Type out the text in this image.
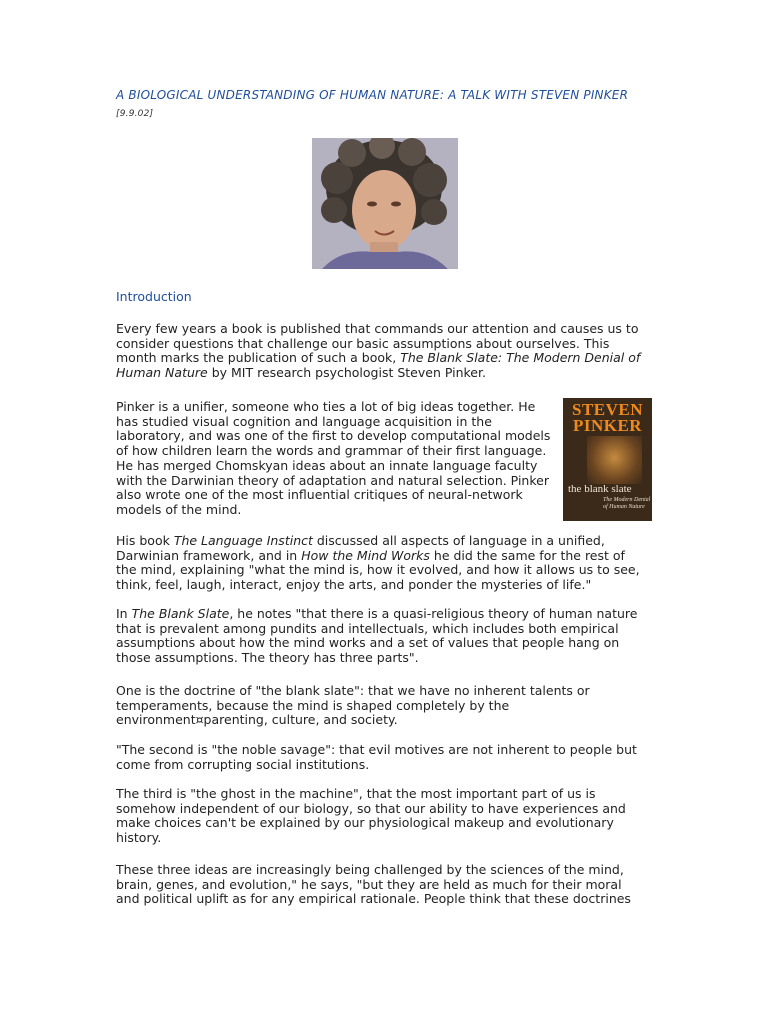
A BIOLOGICAL UNDERSTANDING OF HUMAN NATURE: A TALK WITH STEVEN PINKER [9.9.02]
Introduction

Every few years a book is published that commands our attention and causes us to consider questions that challenge our basic assumptions about ourselves. This month marks the publication of such a book, The Blank Slate: The Modern Denial of Human Nature by MIT research psychologist Steven Pinker.

Pinker is a unifier, someone who ties a lot of big ideas together. He has studied visual cognition and language acquisition in the laboratory, and was one of the first to develop computational models of how children learn the words and grammar of their first language. He has merged Chomskyan ideas about an innate language faculty with the Darwinian theory of adaptation and natural selection. Pinker also wrote one of the most influential critiques of neural-network models of the mind.

STEVEN PINKER
the blank slate
The Modern Denial of Human Nature

His book The Language Instinct discussed all aspects of language in a unified, Darwinian framework, and in How the Mind Works he did the same for the rest of the mind, explaining "what the mind is, how it evolved, and how it allows us to see, think, feel, laugh, interact, enjoy the arts, and ponder the mysteries of life."

In The Blank Slate, he notes "that there is a quasi-religious theory of human nature that is prevalent among pundits and intellectuals, which includes both empirical assumptions about how the mind works and a set of values that people hang on those assumptions. The theory has three parts".

One is the doctrine of "the blank slate": that we have no inherent talents or temperaments, because the mind is shaped completely by the environment¤parenting, culture, and society.

"The second is "the noble savage": that evil motives are not inherent to people but come from corrupting social institutions.

The third is "the ghost in the machine", that the most important part of us is somehow independent of our biology, so that our ability to have experiences and make choices can't be explained by our physiological makeup and evolutionary history.

These three ideas are increasingly being challenged by the sciences of the mind, brain, genes, and evolution," he says, "but they are held as much for their moral and political uplift as for any empirical rationale. People think that these doctrines
